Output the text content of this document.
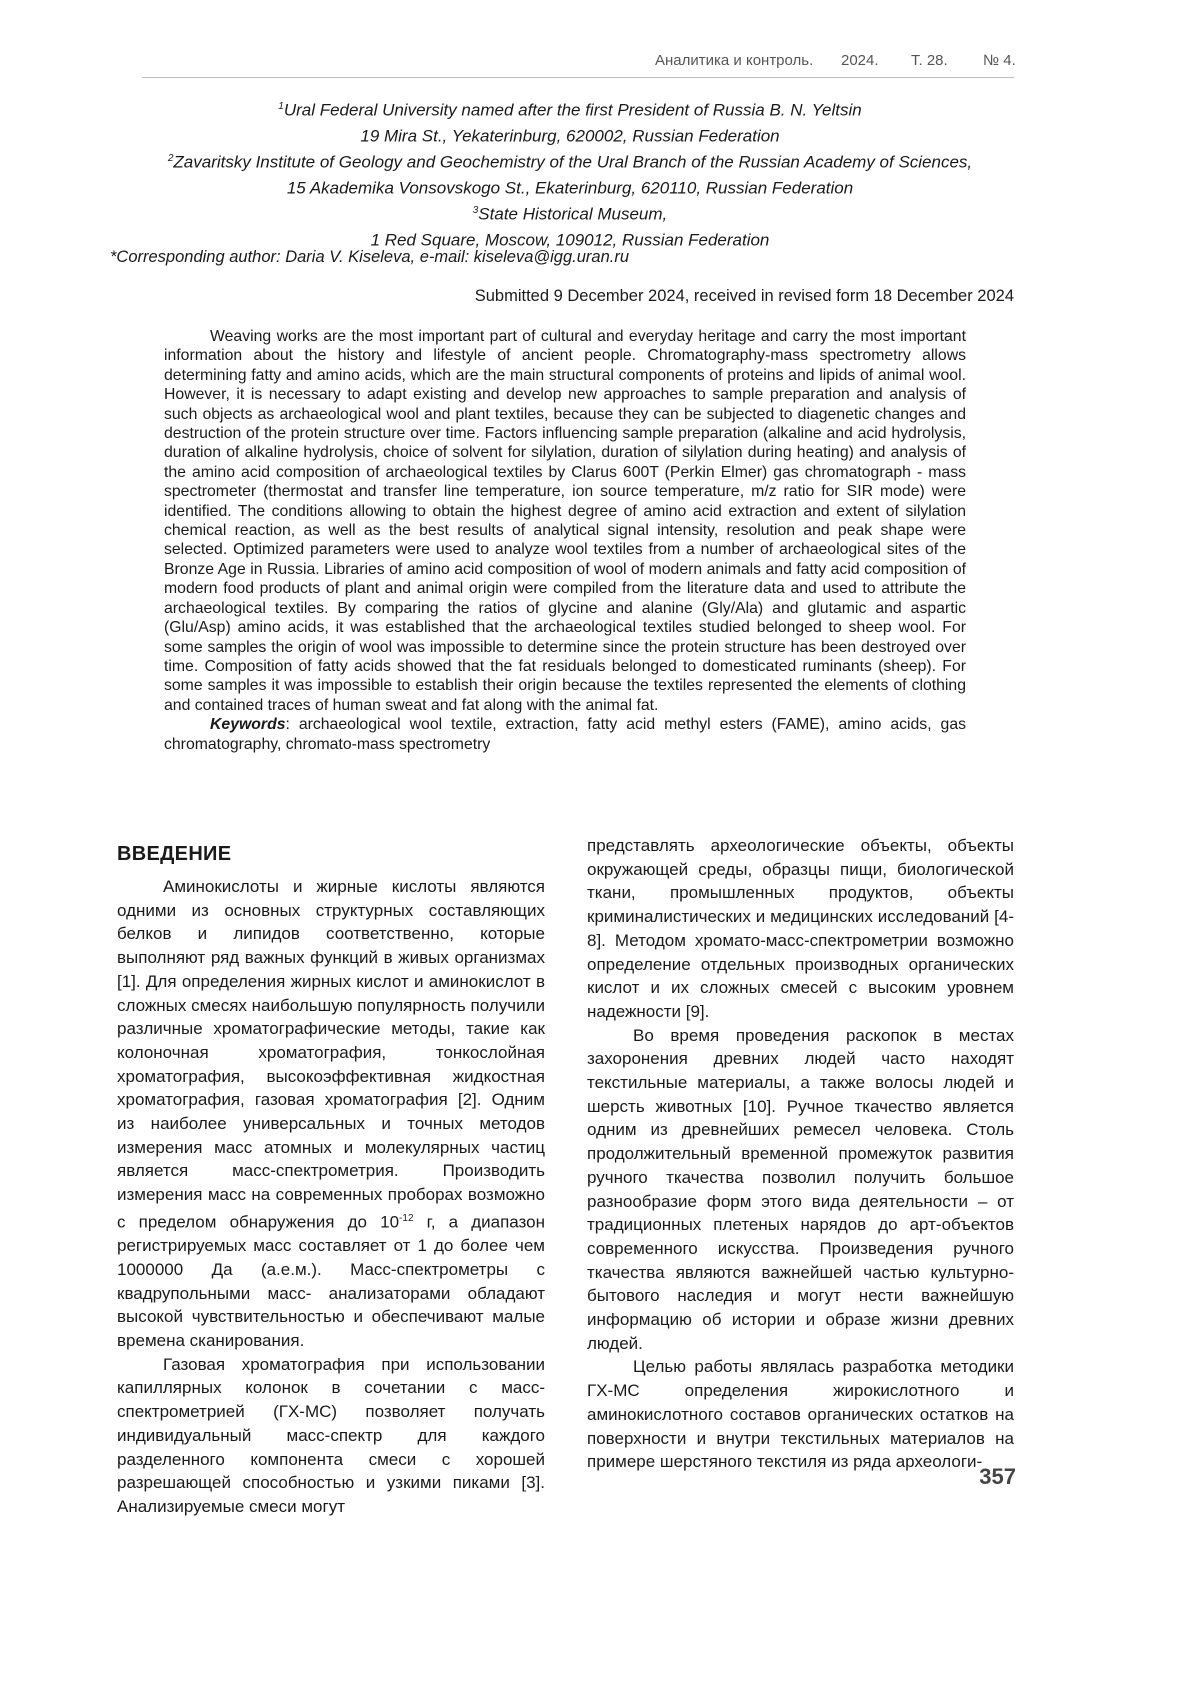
Аналитика и контроль. 2024. Т. 28. № 4.
$^1$Ural Federal University named after the first President of Russia B. N. Yeltsin
19 Mira St., Yekaterinburg, 620002, Russian Federation
$^2$Zavaritsky Institute of Geology and Geochemistry of the Ural Branch of the Russian Academy of Sciences,
15 Akademika Vonsovskogo St., Ekaterinburg, 620110, Russian Federation
$^3$State Historical Museum,
1 Red Square, Moscow, 109012, Russian Federation
*Corresponding author: Daria V. Kiseleva, e-mail: kiseleva@igg.uran.ru
Submitted 9 December 2024, received in revised form 18 December 2024

Weaving works are the most important part of cultural and everyday heritage and carry the most important information about the history and lifestyle of ancient people. Chromatography-mass spectrometry allows determining fatty and amino acids, which are the main structural components of proteins and lipids of animal wool. However, it is necessary to adapt existing and develop new approaches to sample preparation and analysis of such objects as archaeological wool and plant textiles, because they can be subjected to diagenetic changes and destruction of the protein structure over time. Factors influencing sample preparation (alkaline and acid hydrolysis, duration of alkaline hydrolysis, choice of solvent for silylation, duration of silylation during heating) and analysis of the amino acid composition of archaeological textiles by Clarus 600T (Perkin Elmer) gas chromatograph - mass spectrometer (thermostat and transfer line temperature, ion source temperature, m/z ratio for SIR mode) were identified. The conditions allowing to obtain the highest degree of amino acid extraction and extent of silylation chemical reaction, as well as the best results of analytical signal intensity, resolution and peak shape were selected. Optimized parameters were used to analyze wool textiles from a number of archaeological sites of the Bronze Age in Russia. Libraries of amino acid composition of wool of modern animals and fatty acid composition of modern food products of plant and animal origin were compiled from the literature data and used to attribute the archaeological textiles. By comparing the ratios of glycine and alanine (Gly/Ala) and glutamic and aspartic (Glu/Asp) amino acids, it was established that the archaeological textiles studied belonged to sheep wool. For some samples the origin of wool was impossible to determine since the protein structure has been destroyed over time. Composition of fatty acids showed that the fat residuals belonged to domesticated ruminants (sheep). For some samples it was impossible to establish their origin because the textiles represented the elements of clothing and contained traces of human sweat and fat along with the animal fat.

Keywords: archaeological wool textile, extraction, fatty acid methyl esters (FAME), amino acids, gas chromatography, chromato-mass spectrometry

ВВЕДЕНИЕ

Аминокислоты и жирные кислоты являются одними из основных структурных составляющих белков и липидов соответственно, которые выполняют ряд важных функций в живых организмах [1]. Для определения жирных кислот и аминокислот в сложных смесях наибольшую популярность получили различные хроматографические методы, такие как колоночная хроматография, тонкослойная хроматография, высокоэффективная жидкостная хроматография, газовая хроматография [2]. Одним из наиболее универсальных и точных методов измерения масс атомных и молекулярных частиц является масс-спектрометрия. Производить измерения масс на современных проборах возможно с пределом обнаружения до $10^{-12}$ г, а диапазон регистрируемых масс составляет от 1 до более чем 1000000 Да (а.е.м.). Масс-спектрометры с квадрупольными масс- анализаторами обладают высокой чувствительностью и обеспечивают малые времена сканирования.

Газовая хроматография при использовании капиллярных колонок в сочетании с масс-спектрометрией (ГХ-МС) позволяет получать индивидуальный масс-спектр для каждого разделенного компонента смеси с хорошей разрешающей способностью и узкими пиками [3]. Анализируемые смеси могут

представлять археологические объекты, объекты окружающей среды, образцы пищи, биологической ткани, промышленных продуктов, объекты криминалистических и медицинских исследований [4-8]. Методом хромато-масс-спектрометрии возможно определение отдельных производных органических кислот и их сложных смесей с высоким уровнем надежности [9].

Во время проведения раскопок в местах захоронения древних людей часто находят текстильные материалы, а также волосы людей и шерсть животных [10]. Ручное ткачество является одним из древнейших ремесел человека. Столь продолжительный временной промежуток развития ручного ткачества позволил получить большое разнообразие форм этого вида деятельности – от традиционных плетеных нарядов до арт-объектов современного искусства. Произведения ручного ткачества являются важнейшей частью культурно-бытового наследия и могут нести важнейшую информацию об истории и образе жизни древних людей.

Целью работы являлась разработка методики ГХ-МС определения жирокислотного и аминокислотного составов органических остатков на поверхности и внутри текстильных материалов на примере шерстяного текстиля из ряда археологи-

357
